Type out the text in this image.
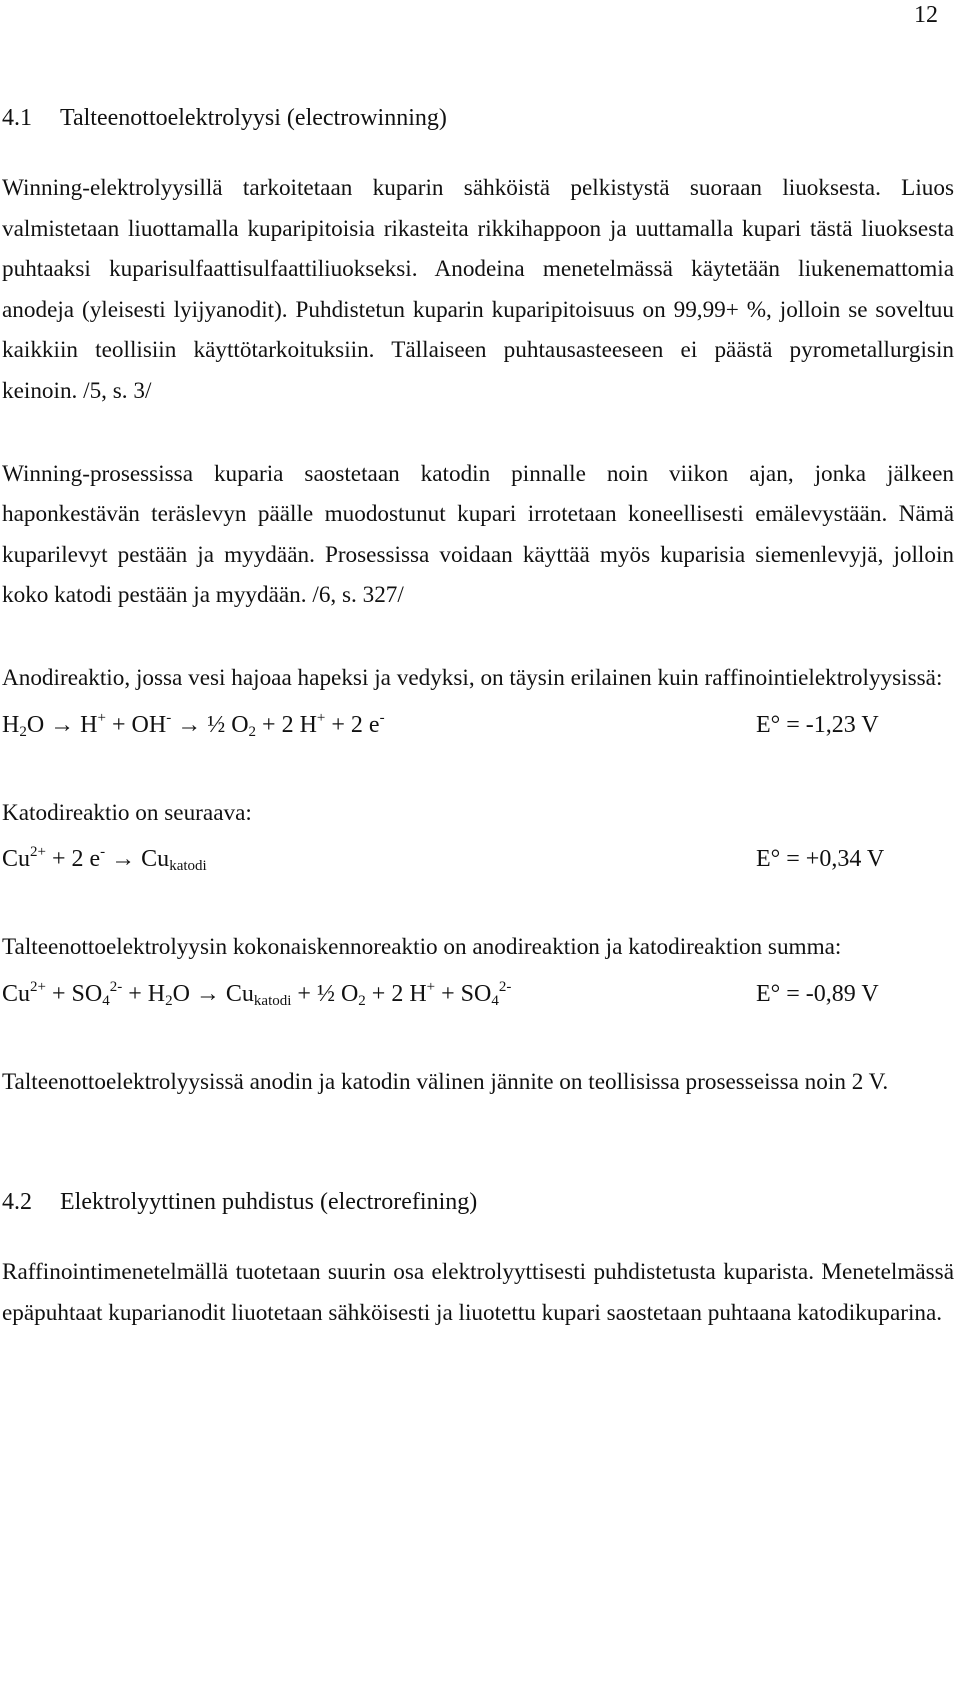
12
4.1 Talteenottoelektrolyysi (electrowinning)

Winning-elektrolyysillä tarkoitetaan kuparin sähköistä pelkistystä suoraan liuoksesta. Liuos valmistetaan liuottamalla kuparipitoisia rikasteita rikkihappoon ja uuttamalla kupari tästä liuoksesta puhtaaksi kuparisulfaattisulfaattiliuokseksi. Anodeina menetelmässä käytetään liukenemattomia anodeja (yleisesti lyijyanodit). Puhdistetun kuparin kuparipitoisuus on 99,99+ %, jolloin se soveltuu kaikkiin teollisiin käyttötarkoituksiin. Tällaiseen puhtausasteeseen ei päästä pyrometallurgisin keinoin. /5, s. 3/

Winning-prosessissa kuparia saostetaan katodin pinnalle noin viikon ajan, jonka jälkeen haponkestävän teräslevyn päälle muodostunut kupari irrotetaan koneellisesti emälevystään. Nämä kuparilevyt pestään ja myydään. Prosessissa voidaan käyttää myös kuparisia siemenlevyjä, jolloin koko katodi pestään ja myydään. /6, s. 327/

Anodireaktio, jossa vesi hajoaa hapeksi ja vedyksi, on täysin erilainen kuin raffinointielektrolyysissä:

$H_2O \to H^+ + OH^-$ → ½ $O_2 + 2$ H+ + 2 e-	E° = -1,23 V

Katodireaktio on seuraava:

$Cu^{2+} + 2$ $e^- \to Cu_{katodi}$	E° = +0,34 V

Talteenottoelektrolyysin kokonaiskennoreaktio on anodireaktion ja katodireaktion summa:

$Cu^{2+} + SO_4^{2-} + H_2O \to Cu_{katodi}$ + ½ $O_2 + 2$ $H^+ + SO_4^{2-}$	E° = -0,89 V

Talteenottoelektrolyysissä anodin ja katodin välinen jännite on teollisissa prosesseissa noin 2 V.

4.2 Elektrolyyttinen puhdistus (electrorefining)

Raffinointimenetelmällä tuotetaan suurin osa elektrolyyttisesti puhdistetusta kuparista. Menetelmässä epäpuhtaat kuparianodit liuotetaan sähköisesti ja liuotettu kupari saostetaan puhtaana katodikuparina.
